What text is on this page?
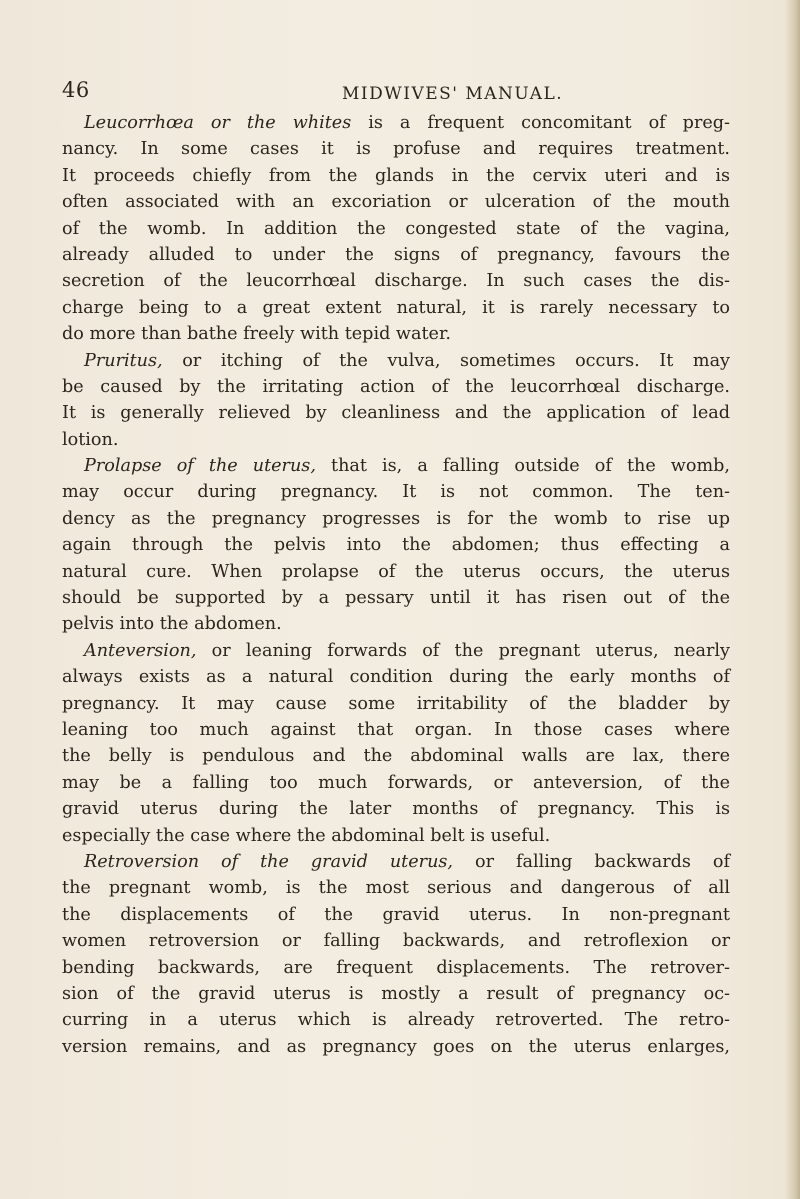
46	MIDWIVES' MANUAL.
Leucorrhœa or the whites is a frequent concomitant of preg-
nancy. In some cases it is profuse and requires treatment.
It proceeds chiefly from the glands in the cervix uteri and is
often associated with an excoriation or ulceration of the mouth
of the womb. In addition the congested state of the vagina,
already alluded to under the signs of pregnancy, favours the
secretion of the leucorrhœal discharge. In such cases the dis-
charge being to a great extent natural, it is rarely necessary to
do more than bathe freely with tepid water.
Pruritus, or itching of the vulva, sometimes occurs. It may
be caused by the irritating action of the leucorrhœal discharge.
It is generally relieved by cleanliness and the application of lead
lotion.
Prolapse of the uterus, that is, a falling outside of the womb,
may occur during pregnancy. It is not common. The ten-
dency as the pregnancy progresses is for the womb to rise up
again through the pelvis into the abdomen; thus effecting a
natural cure. When prolapse of the uterus occurs, the uterus
should be supported by a pessary until it has risen out of the
pelvis into the abdomen.
Anteversion, or leaning forwards of the pregnant uterus, nearly
always exists as a natural condition during the early months of
pregnancy. It may cause some irritability of the bladder by
leaning too much against that organ. In those cases where
the belly is pendulous and the abdominal walls are lax, there
may be a falling too much forwards, or anteversion, of the
gravid uterus during the later months of pregnancy. This is
especially the case where the abdominal belt is useful.
Retroversion of the gravid uterus, or falling backwards of
the pregnant womb, is the most serious and dangerous of all
the displacements of the gravid uterus. In non-pregnant
women retroversion or falling backwards, and retroflexion or
bending backwards, are frequent displacements. The retrover-
sion of the gravid uterus is mostly a result of pregnancy oc-
curring in a uterus which is already retroverted. The retro-
version remains, and as pregnancy goes on the uterus enlarges,
